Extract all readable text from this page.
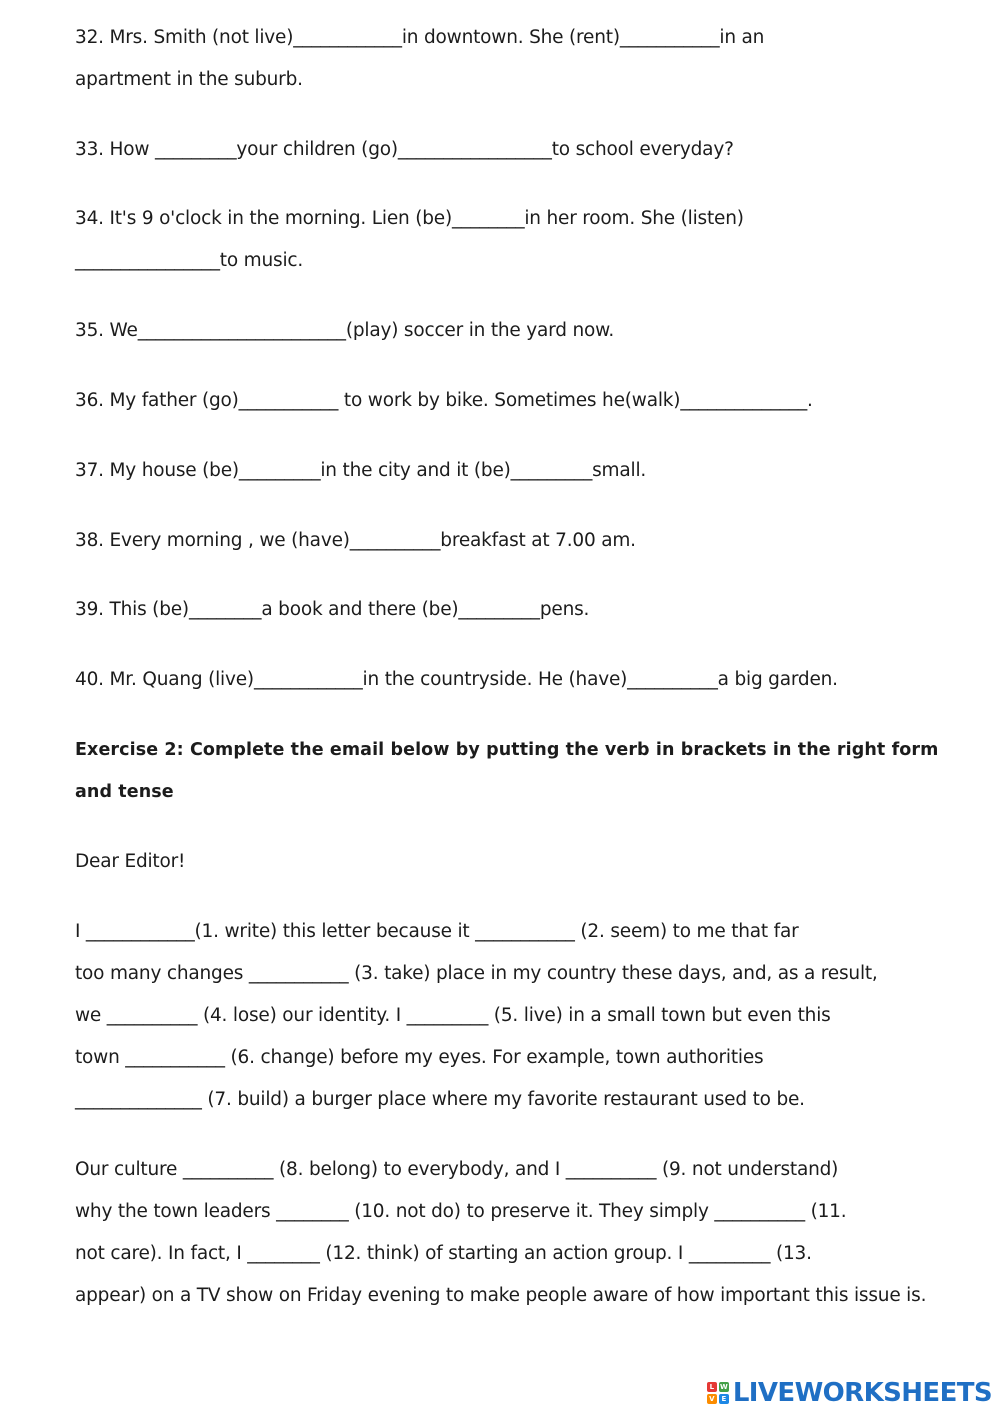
32. Mrs. Smith (not live)____________in downtown. She (rent)___________in an
apartment in the suburb.
33. How _________your children (go)_________________to school everyday?
34. It's 9 o'clock in the morning. Lien (be)________in her room. She (listen)
________________to music.
35. We_______________________(play) soccer in the yard now.
36. My father (go)___________ to work by bike. Sometimes he(walk)______________.
37. My house (be)_________in the city and it (be)_________small.
38. Every morning , we (have)__________breakfast at 7.00 am.
39. This (be)________a book and there (be)_________pens.
40. Mr. Quang (live)____________in the countryside. He (have)__________a big garden.
Exercise 2: Complete the email below by putting the verb in brackets in the right form
and tense
Dear Editor!
I ____________(1. write) this letter because it ___________ (2. seem) to me that far
too many changes ___________ (3. take) place in my country these days, and, as a result,
we __________ (4. lose) our identity. I _________ (5. live) in a small town but even this
town ___________ (6. change) before my eyes. For example, town authorities
______________ (7. build) a burger place where my favorite restaurant used to be.
Our culture __________ (8. belong) to everybody, and I __________ (9. not understand)
why the town leaders ________ (10. not do) to preserve it. They simply __________ (11.
not care). In fact, I ________ (12. think) of starting an action group. I _________ (13.
appear) on a TV show on Friday evening to make people aware of how important this issue is.
L W
V E LIVEWORKSHEETS
